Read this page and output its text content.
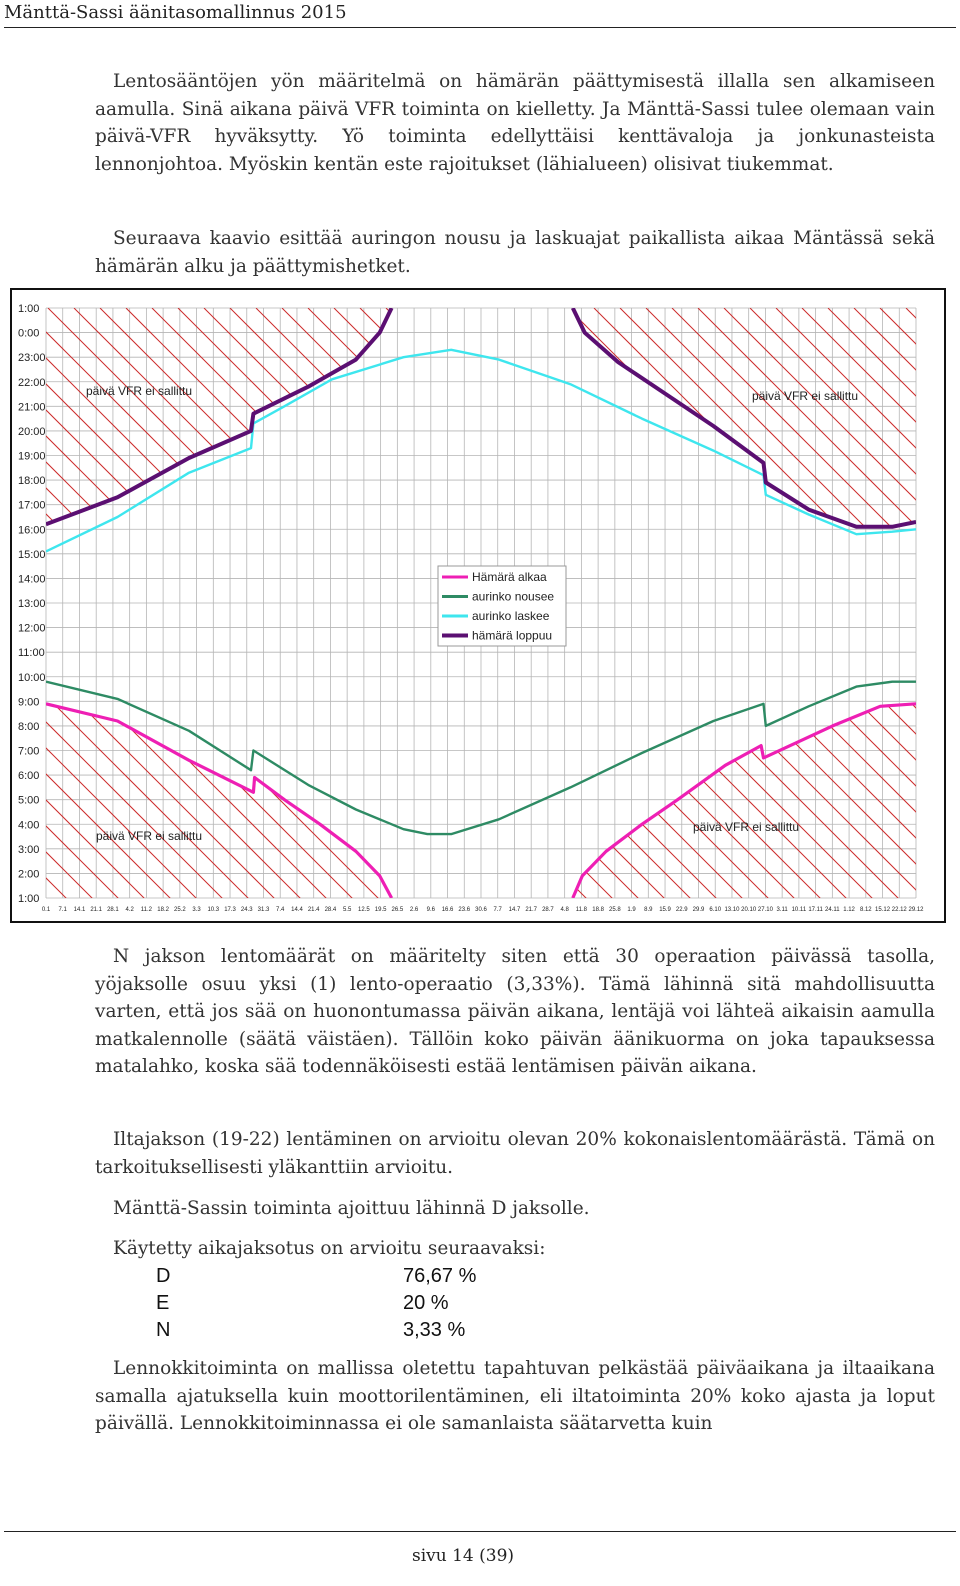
Mänttä-Sassi äänitasomallinnus 2015

Lentosääntöjen yön määritelmä on hämärän päättymisestä illalla sen alkamiseen aamulla. Sinä aikana päivä VFR toiminta on kielletty. Ja Mänttä-Sassi tulee olemaan vain päivä-VFR hyväksytty. Yö toiminta edellyttäisi kenttävaloja ja jonkunasteista lennonjohtoa. Myöskin kentän este rajoitukset (lähialueen) olisivat tiukemmat.

Seuraava kaavio esittää auringon nousu ja laskuajat paikallista aikaa Mäntässä sekä hämärän alku ja päättymishetket.

1:00
0:00
23:00
22:00
21:00
20:00
19:00
18:00
17:00
16:00
15:00
14:00
13:00
12:00
11:00
10:00
9:00
8:00
7:00
6:00
5:00
4:00
3:00
2:00
1:00
0.1 7.1 14.1 21.1 28.1 4.2 11.2 18.2 25.2 3.3 10.3 17.3 24.3 31.3 7.4 14.4 21.4 28.4 5.5 12.5 19.5 26.5 2.6 9.6 16.6 23.6 30.6 7.7 14.7 21.7 28.7 4.8 11.8 18.8 25.8 1.9 8.9 15.9 22.9 29.9 6.10 13.10 20.10 27.10 3.11 10.11 17.11 24.11 1.12 8.12 15.12 22.12 29.12
päivä VFR ei sallittu	päivä VFR ei sallittu
päivä VFR ei sallittu
päivä VFR ei sallittu
Hämärä alkaa
aurinko nousee
aurinko laskee
hämärä loppuu

N jakson lentomäärät on määritelty siten että 30 operaation päivässä tasolla, yöjaksolle osuu yksi (1) lento-operaatio (3,33%). Tämä lähinnä sitä mahdollisuutta varten, että jos sää on huonontumassa päivän aikana, lentäjä voi lähteä aikaisin aamulla matkalennolle (säätä väistäen). Tällöin koko päivän äänikuorma on joka tapauksessa matalahko, koska sää todennäköisesti estää lentämisen päivän aikana.

Iltajakson (19-22) lentäminen on arvioitu olevan 20% kokonaislentomäärästä. Tämä on tarkoituksellisesti yläkanttiin arvioitu.

Mänttä-Sassin toiminta ajoittuu lähinnä D jaksolle.

Käytetty aikajaksotus on arvioitu seuraavaksi:

D	76,67 %
E	20 %
N	3,33 %

Lennokkitoiminta on mallissa oletettu tapahtuvan pelkästää päiväaikana ja iltaaikana samalla ajatuksella kuin moottorilentäminen, eli iltatoiminta 20% koko ajasta ja loput päivällä. Lennokkitoiminnassa ei ole samanlaista säätarvetta kuin

sivu 14 (39)
